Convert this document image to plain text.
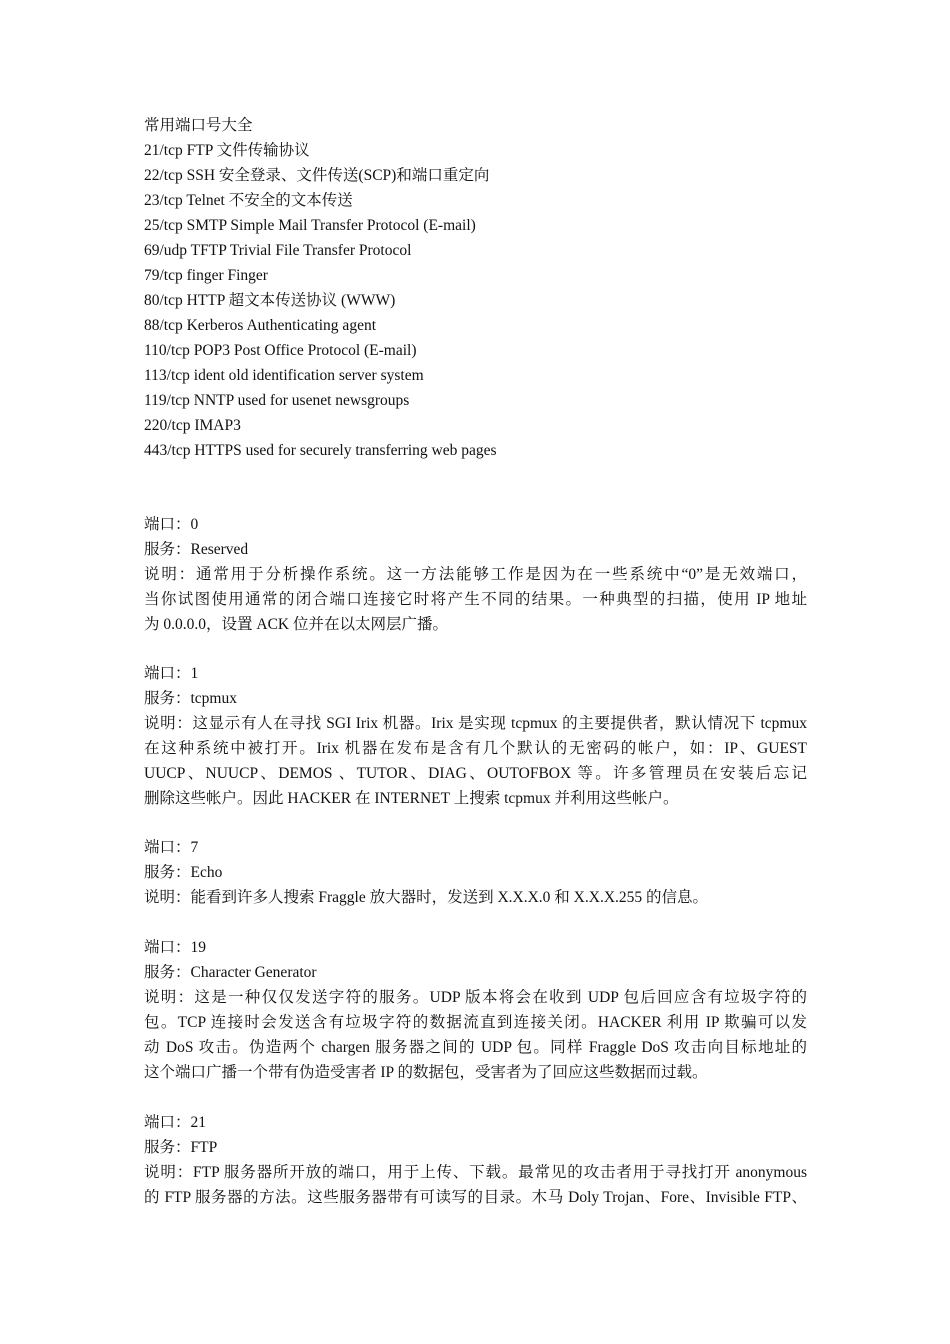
常用端口号大全
21/tcp FTP 文件传输协议
22/tcp SSH 安全登录、文件传送(SCP)和端口重定向
23/tcp Telnet 不安全的文本传送
25/tcp SMTP Simple Mail Transfer Protocol (E-mail)
69/udp TFTP Trivial File Transfer Protocol
79/tcp finger Finger
80/tcp HTTP 超文本传送协议 (WWW)
88/tcp Kerberos Authenticating agent
110/tcp POP3 Post Office Protocol (E-mail)
113/tcp ident old identification server system
119/tcp NNTP used for usenet newsgroups
220/tcp IMAP3
443/tcp HTTPS used for securely transferring web pages
端口：0
服务：Reserved
说明：通常用于分析操作系统。这一方法能够工作是因为在一些系统中“0”是无效端口，
当你试图使用通常的闭合端口连接它时将产生不同的结果。一种典型的扫描，使用 IP 地址
为 0.0.0.0，设置 ACK 位并在以太网层广播。
端口：1
服务：tcpmux
说明：这显示有人在寻找 SGI Irix 机器。Irix 是实现 tcpmux 的主要提供者，默认情况下 tcpmux
在这种系统中被打开。Irix 机器在发布是含有几个默认的无密码的帐户，如：IP、GUEST
UUCP、NUUCP、DEMOS 、TUTOR、DIAG、OUTOFBOX 等。许多管理员在安装后忘记
删除这些帐户。因此 HACKER 在 INTERNET 上搜索 tcpmux 并利用这些帐户。
端口：7
服务：Echo
说明：能看到许多人搜索 Fraggle 放大器时，发送到 X.X.X.0 和 X.X.X.255 的信息。
端口：19
服务：Character Generator
说明：这是一种仅仅发送字符的服务。UDP 版本将会在收到 UDP 包后回应含有垃圾字符的
包。TCP 连接时会发送含有垃圾字符的数据流直到连接关闭。HACKER 利用 IP 欺骗可以发
动 DoS 攻击。伪造两个 chargen 服务器之间的 UDP 包。同样 Fraggle DoS 攻击向目标地址的
这个端口广播一个带有伪造受害者 IP 的数据包，受害者为了回应这些数据而过载。
端口：21
服务：FTP
说明：FTP 服务器所开放的端口，用于上传、下载。最常见的攻击者用于寻找打开 anonymous
的 FTP 服务器的方法。这些服务器带有可读写的目录。木马 Doly Trojan、Fore、Invisible FTP、
